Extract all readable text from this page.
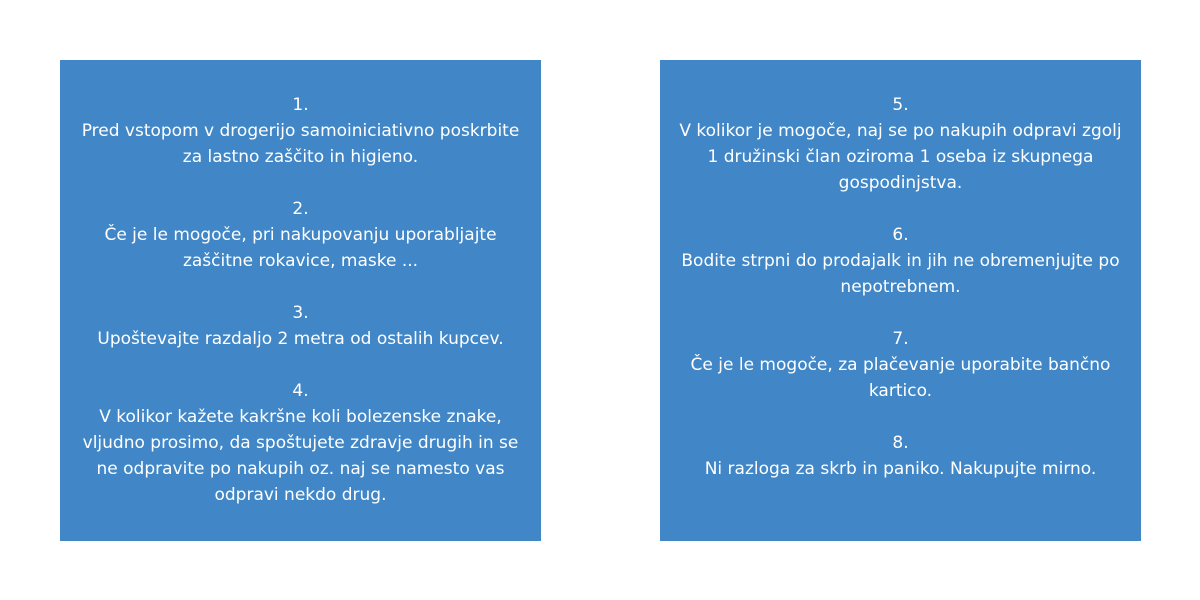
1.
Pred vstopom v drogerijo samoiniciativno poskrbite za lastno zaščito in higieno.
2.
Če je le mogoče, pri nakupovanju uporabljajte zaščitne rokavice, maske ...
3.
Upoštevajte razdaljo 2 metra od ostalih kupcev.
4.
V kolikor kažete kakršne koli bolezenske znake, vljudno prosimo, da spoštujete zdravje drugih in se ne odpravite po nakupih oz. naj se namesto vas odpravi nekdo drug.
5.
V kolikor je mogoče, naj se po nakupih odpravi zgolj 1 družinski član oziroma 1 oseba iz skupnega gospodinjstva.
6.
Bodite strpni do prodajalk in jih ne obremenjujte po nepotrebnem.
7.
Če je le mogoče, za plačevanje uporabite bančno kartico.
8.
Ni razloga za skrb in paniko. Nakupujte mirno.
